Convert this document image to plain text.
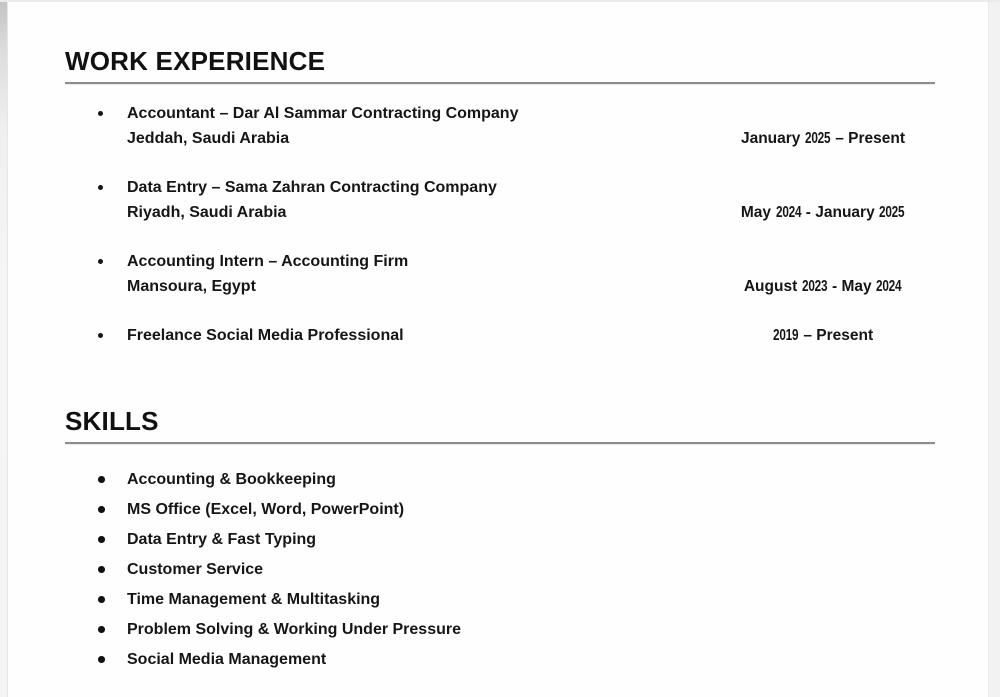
WORK EXPERIENCE
Accountant – Dar Al Sammar Contracting Company
Jeddah, Saudi Arabia	January 2025 – Present
Data Entry – Sama Zahran Contracting Company
Riyadh, Saudi Arabia	May 2024 - January 2025
Accounting Intern – Accounting Firm
Mansoura, Egypt	August 2023 - May 2024
Freelance Social Media Professional	2019 – Present
SKILLS
Accounting & Bookkeeping
MS Office (Excel, Word, PowerPoint)
Data Entry & Fast Typing
Customer Service
Time Management & Multitasking
Problem Solving & Working Under Pressure
Social Media Management
